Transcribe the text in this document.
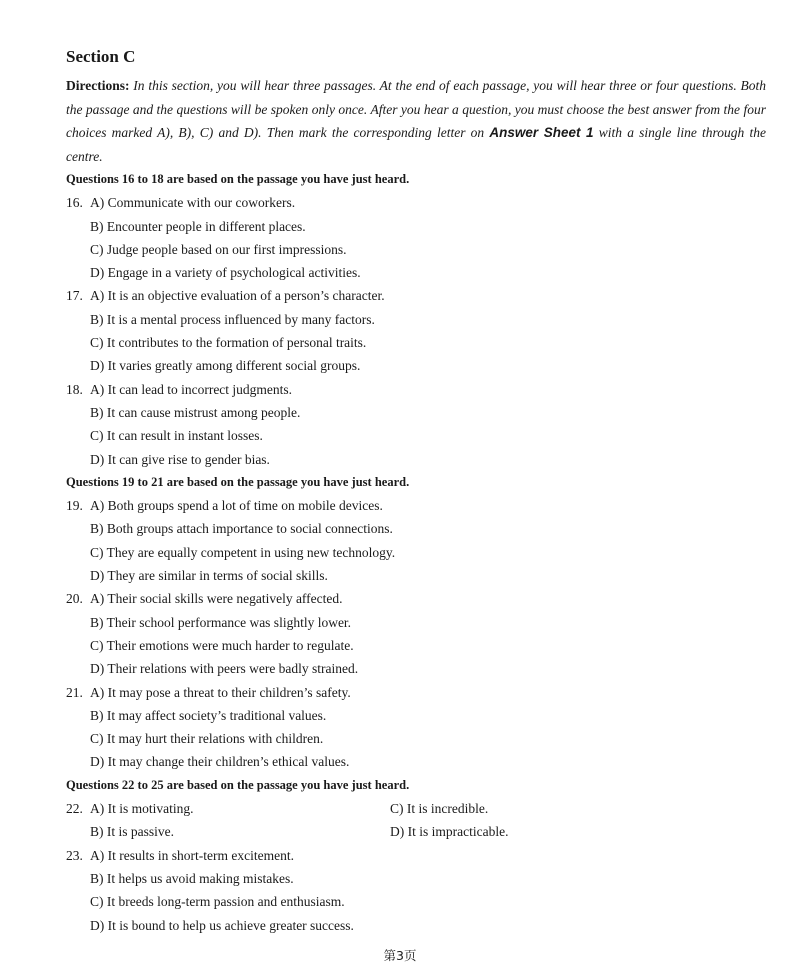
Section C

Directions: In this section, you will hear three passages. At the end of each passage, you will hear three or four questions. Both the passage and the questions will be spoken only once. After you hear a question, you must choose the best answer from the four choices marked A), B), C) and D). Then mark the corresponding letter on Answer Sheet 1 with a single line through the centre.

Questions 16 to 18 are based on the passage you have just heard.
16. A) Communicate with our coworkers.
B) Encounter people in different places.
C) Judge people based on our first impressions.
D) Engage in a variety of psychological activities.
17. A) It is an objective evaluation of a person’s character.
B) It is a mental process influenced by many factors.
C) It contributes to the formation of personal traits.
D) It varies greatly among different social groups.
18. A) It can lead to incorrect judgments.
B) It can cause mistrust among people.
C) It can result in instant losses.
D) It can give rise to gender bias.
Questions 19 to 21 are based on the passage you have just heard.
19. A) Both groups spend a lot of time on mobile devices.
B) Both groups attach importance to social connections.
C) They are equally competent in using new technology.
D) They are similar in terms of social skills.
20. A) Their social skills were negatively affected.
B) Their school performance was slightly lower.
C) Their emotions were much harder to regulate.
D) Their relations with peers were badly strained.
21. A) It may pose a threat to their children’s safety.
B) It may affect society’s traditional values.
C) It may hurt their relations with children.
D) It may change their children’s ethical values.
Questions 22 to 25 are based on the passage you have just heard.
22. A) It is motivating.	C) It is incredible.
B) It is passive.	D) It is impracticable.
23. A) It results in short-term excitement.
B) It helps us avoid making mistakes.
C) It breeds long-term passion and enthusiasm.
D) It is bound to help us achieve greater success.
第3页
